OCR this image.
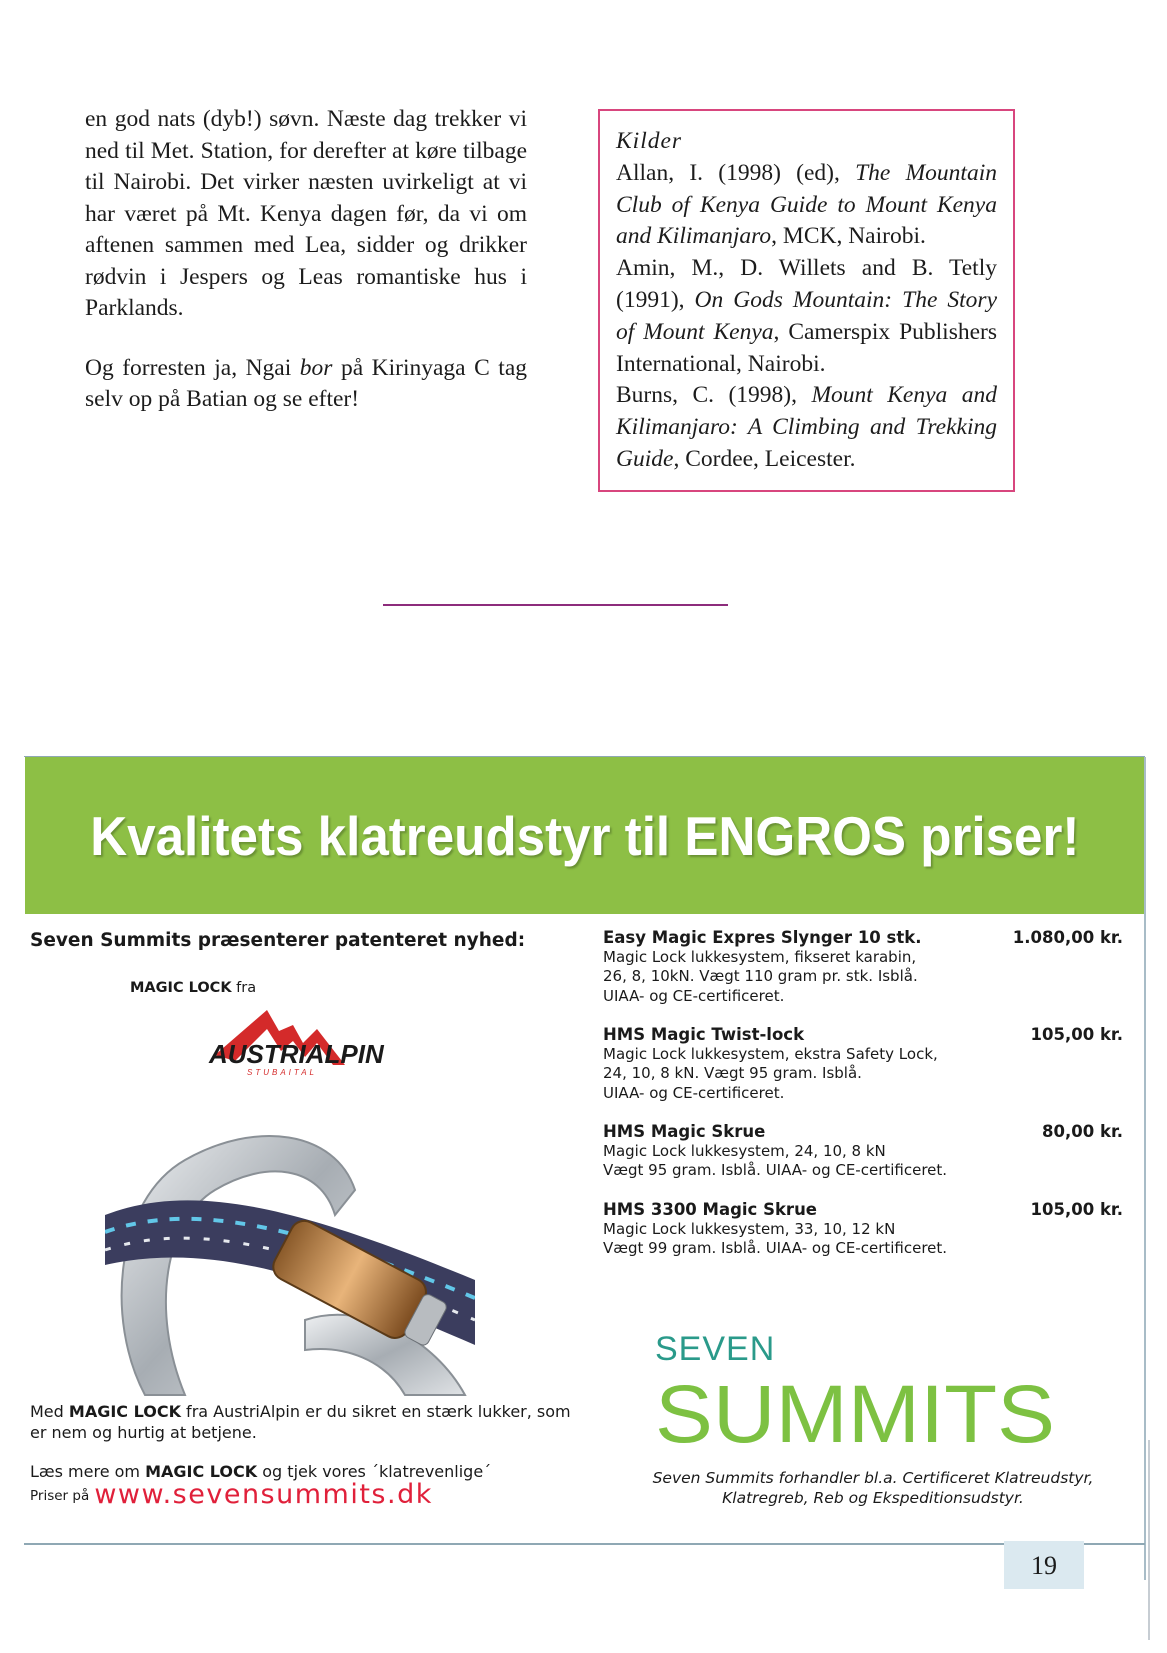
en god nats (dyb!) søvn. Næste dag trekker vi ned til Met. Station, for derefter at køre tilbage til Nairobi. Det virker næsten uvirkeligt at vi har været på Mt. Kenya dagen før, da vi om aftenen sammen med Lea, sidder og drikker rødvin i Jespers og Leas romantiske hus i Parklands.

Og forresten ja, Ngai bor på Kirinyaga C tag selv op på Batian og se efter!

Kilder

Allan, I. (1998) (ed), The Mountain Club of Kenya Guide to Mount Kenya and Kilimanjaro, MCK, Nairobi.

Amin, M., D. Willets and B. Tetly (1991), On Gods Mountain: The Story of Mount Kenya, Camerspix Publishers International, Nairobi.

Burns, C. (1998), Mount Kenya and Kilimanjaro: A Climbing and Trekking Guide, Cordee, Leicester.

Kvalitets klatreudstyr til ENGROS priser!
Seven Summits præsenterer patenteret nyhed:
MAGIC LOCK fra
AUSTRIALPIN
STUBAITAL
Med MAGIC LOCK fra AustriAlpin er du sikret en stærk lukker, som er nem og hurtig at betjene.
Læs mere om MAGIC LOCK og tjek vores ´klatrevenlige´
Priser på www.sevensummits.dk
Easy Magic Expres Slynger 10 stk.	1.080,00 kr.
Magic Lock lukkesystem, fikseret karabin,
26, 8, 10kN. Vægt 110 gram pr. stk. Isblå.
UIAA- og CE-certificeret.
HMS Magic Twist-lock	105,00 kr.
Magic Lock lukkesystem, ekstra Safety Lock,
24, 10, 8 kN. Vægt 95 gram. Isblå.
UIAA- og CE-certificeret.
HMS Magic Skrue	80,00 kr.
Magic Lock lukkesystem, 24, 10, 8 kN
Vægt 95 gram. Isblå. UIAA- og CE-certificeret.
HMS 3300 Magic Skrue	105,00 kr.
Magic Lock lukkesystem, 33, 10, 12 kN
Vægt 99 gram. Isblå. UIAA- og CE-certificeret.
SEVEN
SUMMITS
Seven Summits forhandler bl.a. Certificeret Klatreudstyr,
Klatregreb, Reb og Ekspeditionsudstyr.
19
